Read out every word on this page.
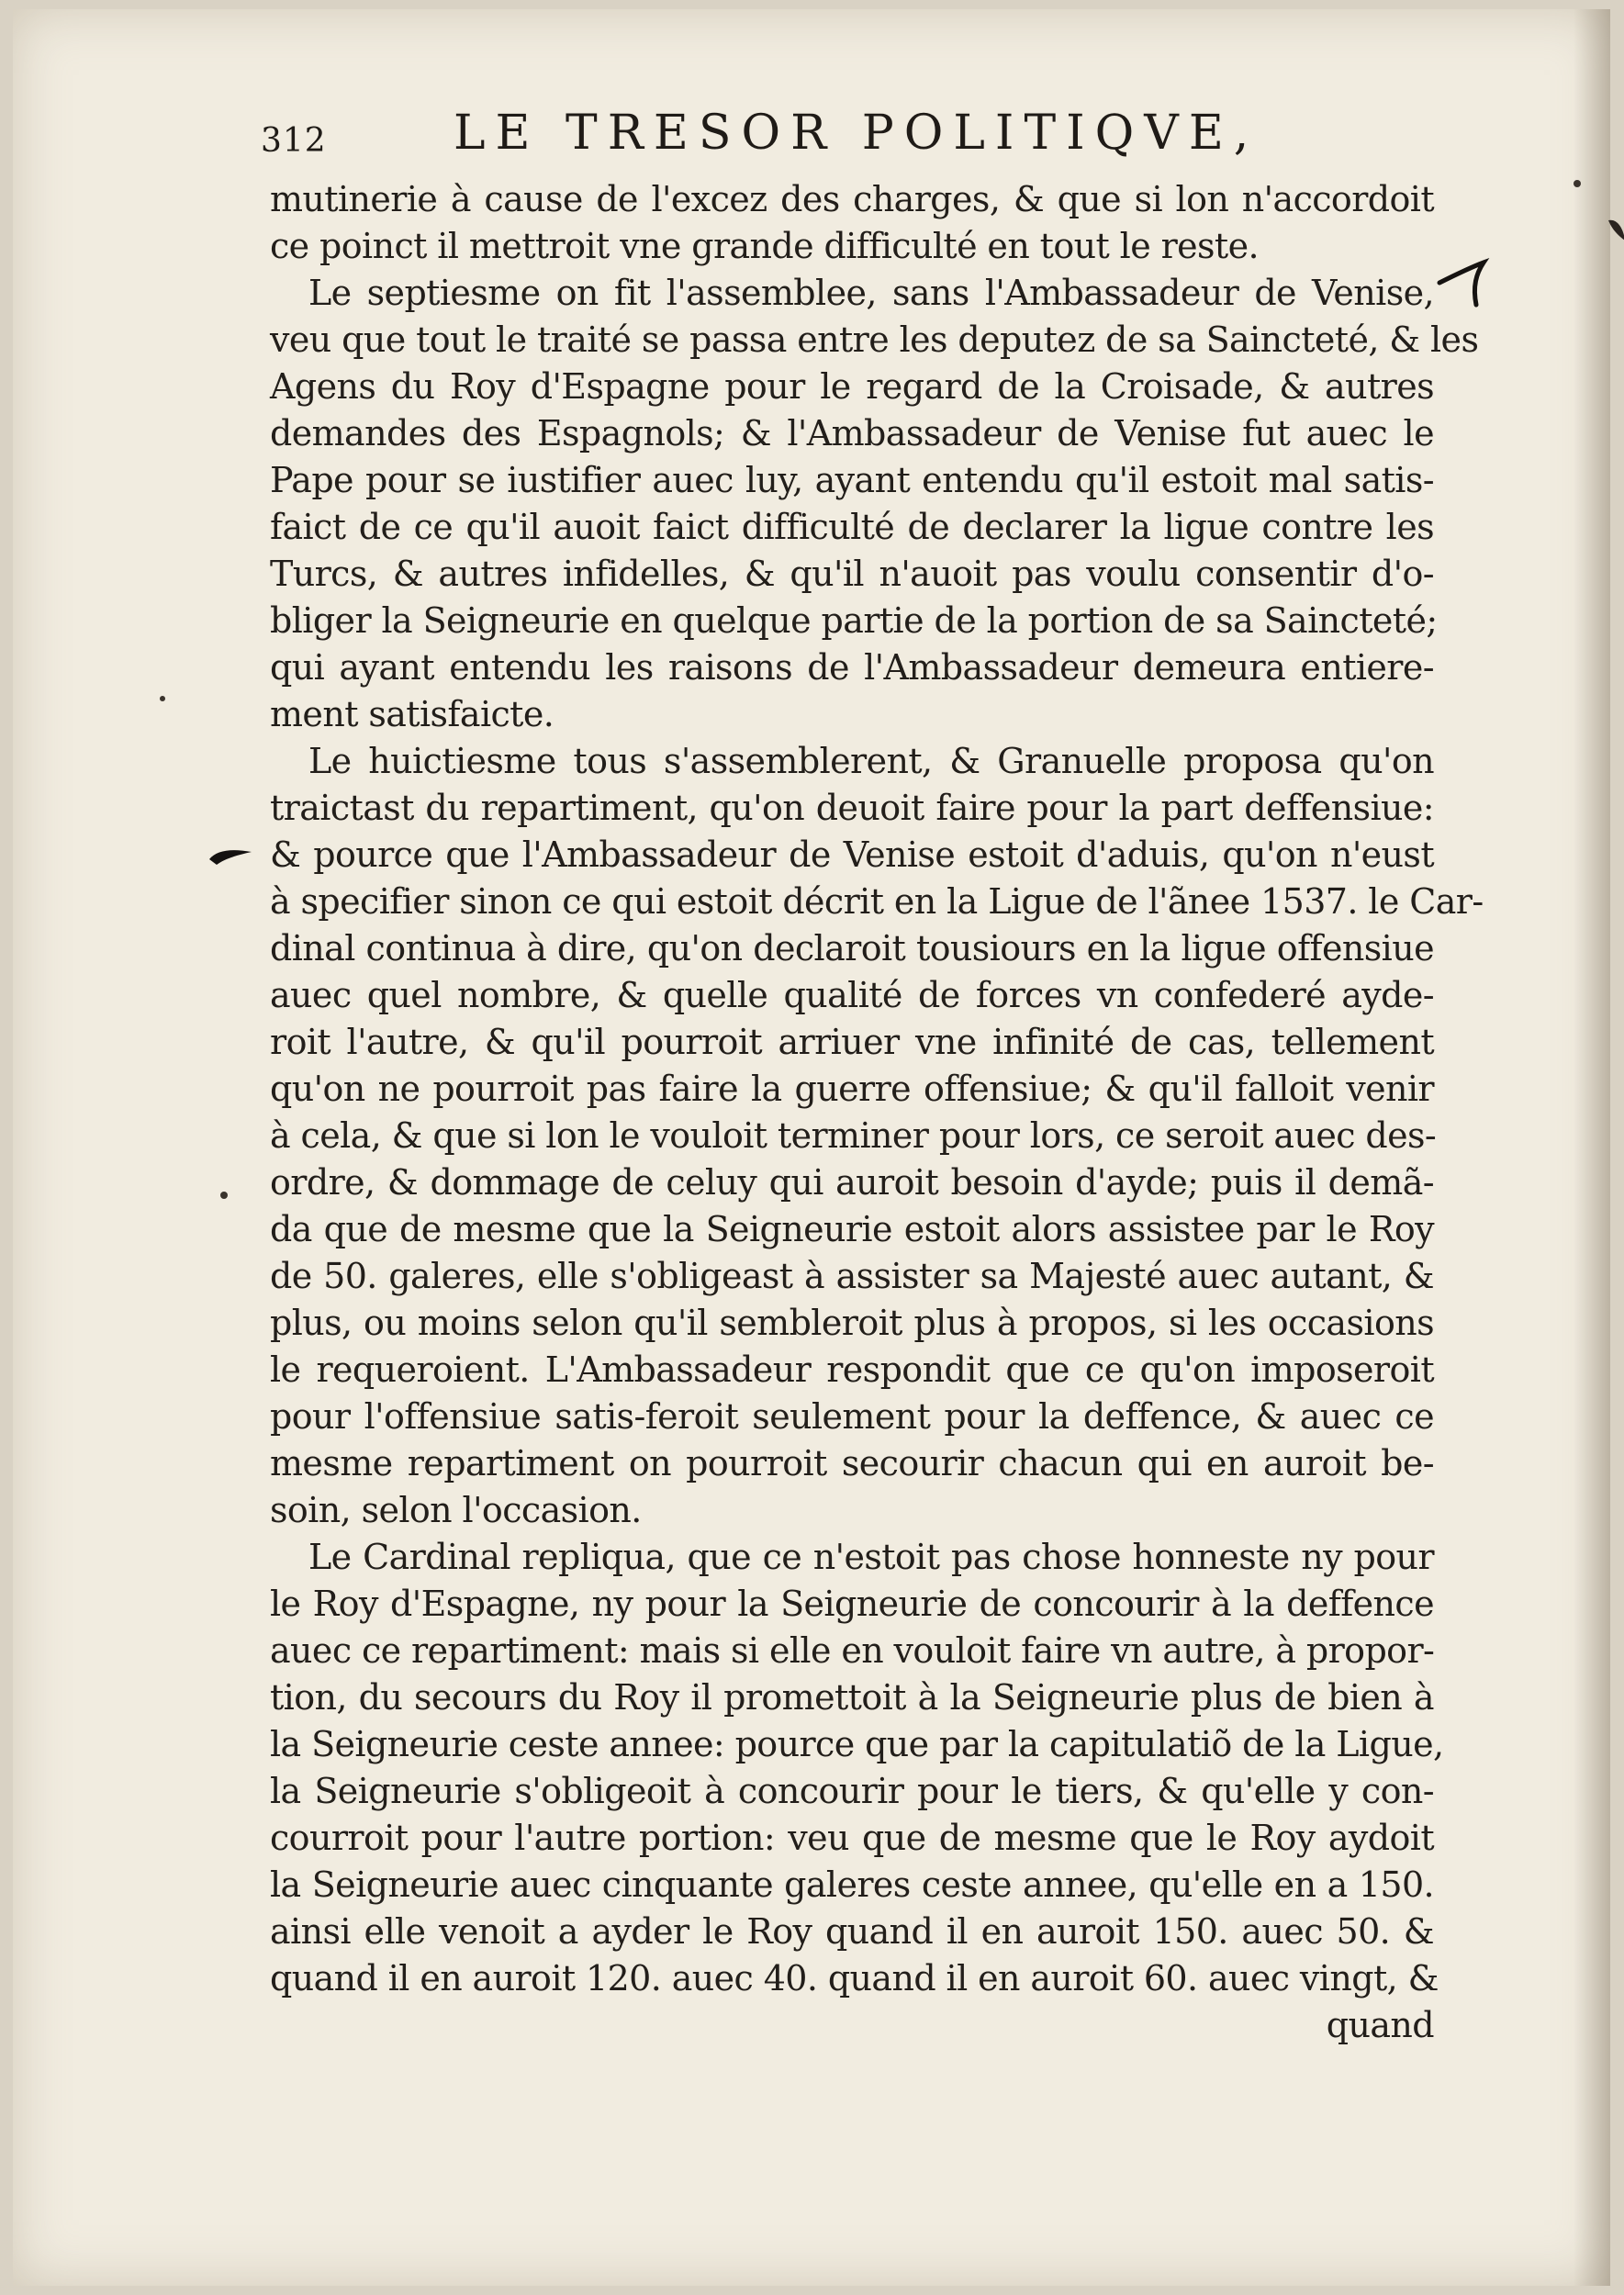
312	LE TRESOR POLITIQVE,
mutinerie à cause de l'excez des charges, & que si lon n'accordoit
ce poinct il mettroit vne grande difficulté en tout le reste.
Le septiesme on fit l'assemblee, sans l'Ambassadeur de Venise,
veu que tout le traité se passa entre les deputez de sa Saincteté, & les
Agens du Roy d'Espagne pour le regard de la Croisade, & autres
demandes des Espagnols; & l'Ambassadeur de Venise fut auec le
Pape pour se iustifier auec luy, ayant entendu qu'il estoit mal satis-
faict de ce qu'il auoit faict difficulté de declarer la ligue contre les
Turcs, & autres infidelles, & qu'il n'auoit pas voulu consentir d'o-
bliger la Seigneurie en quelque partie de la portion de sa Saincteté;
qui ayant entendu les raisons de l'Ambassadeur demeura entiere-
ment satisfaicte.
Le huictiesme tous s'assemblerent, & Granuelle proposa qu'on
traictast du repartiment, qu'on deuoit faire pour la part deffensiue:
& pource que l'Ambassadeur de Venise estoit d'aduis, qu'on n'eust
à specifier sinon ce qui estoit décrit en la Ligue de l'ãnee 1537. le Car-
dinal continua à dire, qu'on declaroit tousiours en la ligue offensiue
auec quel nombre, & quelle qualité de forces vn confederé ayde-
roit l'autre, & qu'il pourroit arriuer vne infinité de cas, tellement
qu'on ne pourroit pas faire la guerre offensiue; & qu'il falloit venir
à cela, & que si lon le vouloit terminer pour lors, ce seroit auec des-
ordre, & dommage de celuy qui auroit besoin d'ayde; puis il demã-
da que de mesme que la Seigneurie estoit alors assistee par le Roy
de 50. galeres, elle s'obligeast à assister sa Majesté auec autant, &
plus, ou moins selon qu'il sembleroit plus à propos, si les occasions
le requeroient. L'Ambassadeur respondit que ce qu'on imposeroit
pour l'offensiue satis-feroit seulement pour la deffence, & auec ce
mesme repartiment on pourroit secourir chacun qui en auroit be-
soin, selon l'occasion.
Le Cardinal repliqua, que ce n'estoit pas chose honneste ny pour
le Roy d'Espagne, ny pour la Seigneurie de concourir à la deffence
auec ce repartiment: mais si elle en vouloit faire vn autre, à propor-
tion, du secours du Roy il promettoit à la Seigneurie plus de bien à
la Seigneurie ceste annee: pource que par la capitulatiõ de la Ligue,
la Seigneurie s'obligeoit à concourir pour le tiers, & qu'elle y con-
courroit pour l'autre portion: veu que de mesme que le Roy aydoit
la Seigneurie auec cinquante galeres ceste annee, qu'elle en a 150.
ainsi elle venoit a ayder le Roy quand il en auroit 150. auec 50. &
quand il en auroit 120. auec 40. quand il en auroit 60. auec vingt, &
quand
